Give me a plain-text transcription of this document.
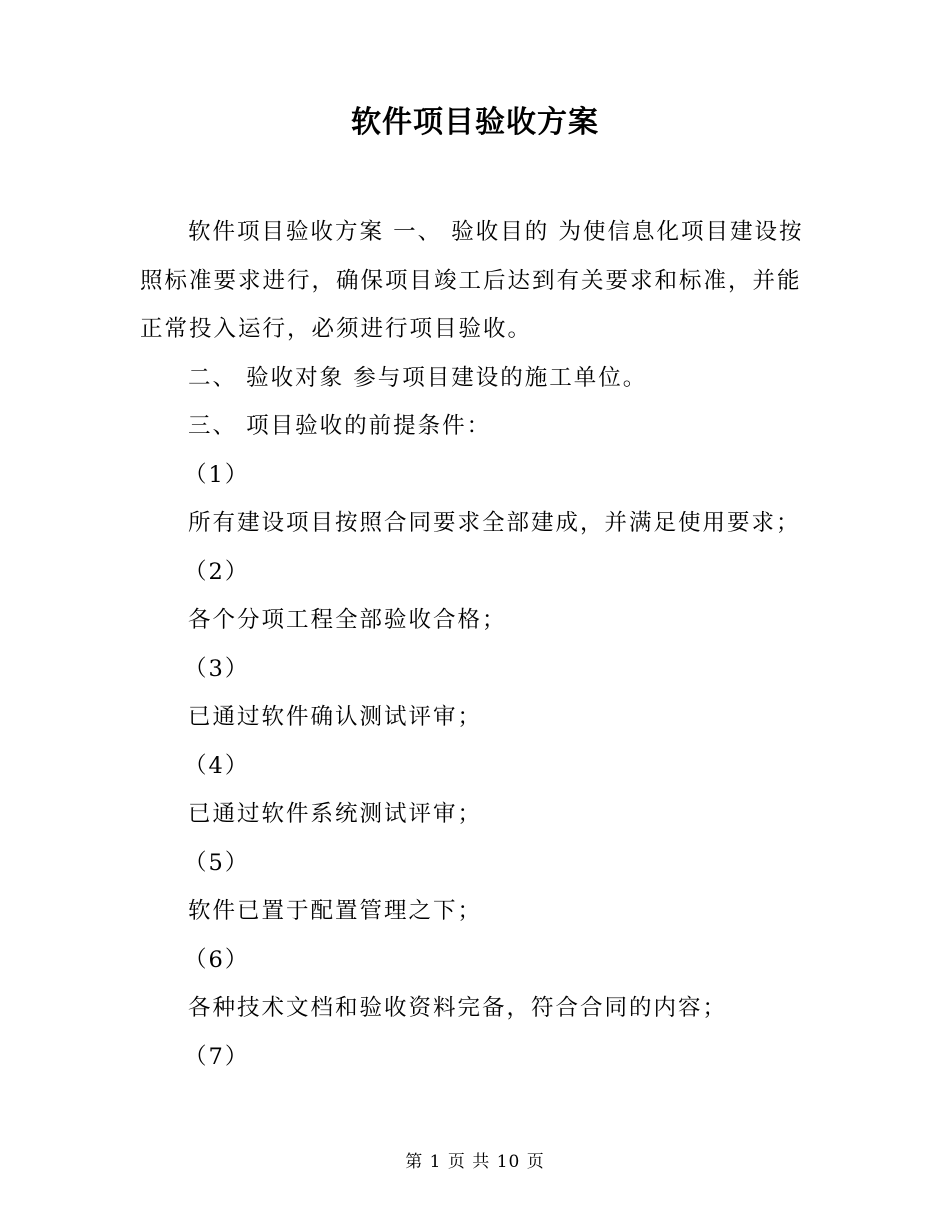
软件项目验收方案

软件项目验收方案 一、 验收目的 为使信息化项目建设按照标准要求进行，确保项目竣工后达到有关要求和标准，并能正常投入运行，必须进行项目验收。

二、 验收对象 参与项目建设的施工单位。

三、 项目验收的前提条件：

（1）

所有建设项目按照合同要求全部建成，并满足使用要求；

（2）

各个分项工程全部验收合格；

（3）

已通过软件确认测试评审；

（4）

已通过软件系统测试评审；

（5）

软件已置于配置管理之下；

（6）

各种技术文档和验收资料完备，符合合同的内容；

（7）

第 1 页 共 10 页
